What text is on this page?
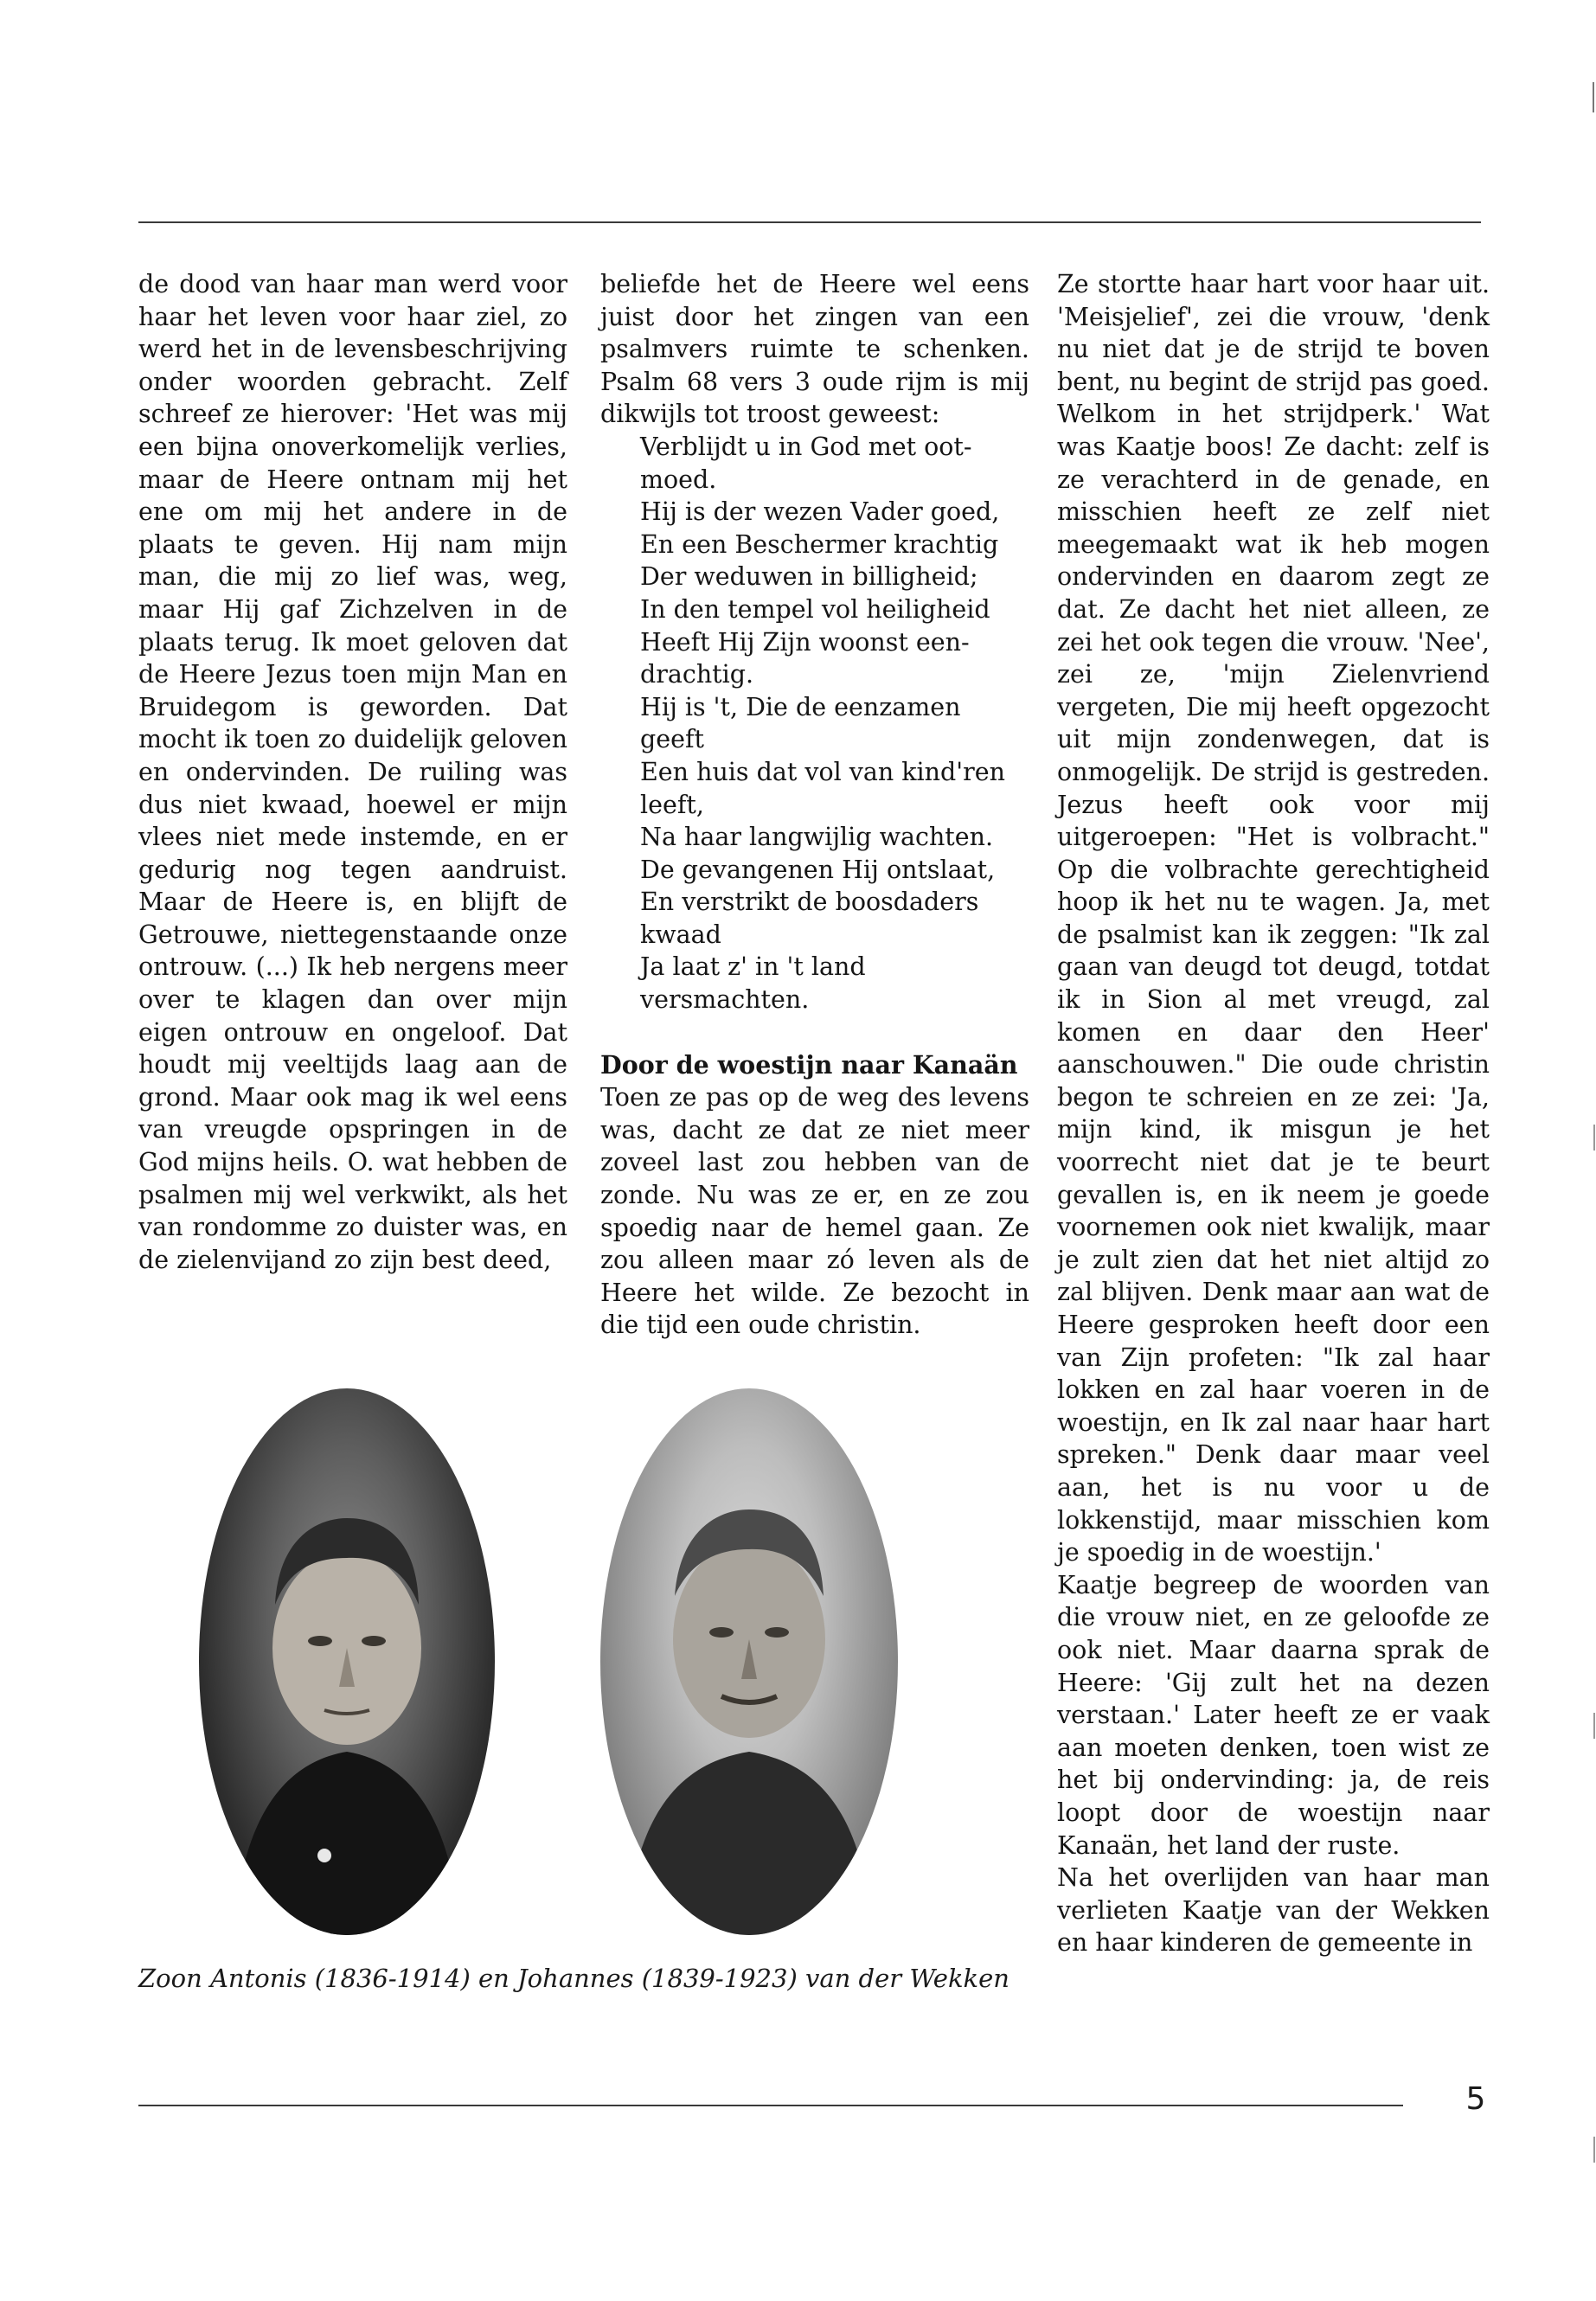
de dood van haar man werd voor haar het leven voor haar ziel, zo werd het in de levensbeschrijving onder woorden gebracht. Zelf schreef ze hierover: 'Het was mij een bijna onoverkomelijk verlies, maar de Heere ontnam mij het ene om mij het andere in de plaats te geven. Hij nam mijn man, die mij zo lief was, weg, maar Hij gaf Zichzelven in de plaats terug. Ik moet geloven dat de Heere Jezus toen mijn Man en Bruidegom is geworden. Dat mocht ik toen zo duidelijk geloven en ondervinden. De ruiling was dus niet kwaad, hoewel er mijn vlees niet mede instemde, en er gedurig nog tegen aandruist. Maar de Heere is, en blijft de Getrouwe, niettegenstaande onze ontrouw. (...) Ik heb nergens meer over te klagen dan over mijn eigen ontrouw en ongeloof. Dat houdt mij veeltijds laag aan de grond. Maar ook mag ik wel eens van vreugde opspringen in de God mijns heils. O. wat hebben de psalmen mij wel verkwikt, als het van rondomme zo duister was, en de zielenvijand zo zijn best deed,

beliefde het de Heere wel eens juist door het zingen van een psalmvers ruimte te schenken. Psalm 68 vers 3 oude rijm is mij dikwijls tot troost geweest:

Verblijdt u in God met oot-
moed.
Hij is der wezen Vader goed,
En een Beschermer krachtig
Der weduwen in billigheid;
In den tempel vol heiligheid
Heeft Hij Zijn woonst een-
drachtig.
Hij is 't, Die de eenzamen
geeft
Een huis dat vol van kind'ren
leeft,
Na haar langwijlig wachten.
De gevangenen Hij ontslaat,
En verstrikt de boosdaders
kwaad
Ja laat z' in 't land versmachten.
Door de woestijn naar Kanaän

Toen ze pas op de weg des levens was, dacht ze dat ze niet meer zoveel last zou hebben van de zonde. Nu was ze er, en ze zou spoedig naar de hemel gaan. Ze zou alleen maar zó leven als de Heere het wilde. Ze bezocht in die tijd een oude christin.

Ze stortte haar hart voor haar uit. 'Meisjelief', zei die vrouw, 'denk nu niet dat je de strijd te boven bent, nu begint de strijd pas goed. Welkom in het strijdperk.' Wat was Kaatje boos! Ze dacht: zelf is ze verachterd in de genade, en misschien heeft ze zelf niet meegemaakt wat ik heb mogen ondervinden en daarom zegt ze dat. Ze dacht het niet alleen, ze zei het ook tegen die vrouw. 'Nee', zei ze, 'mijn Zielenvriend vergeten, Die mij heeft opgezocht uit mijn zondenwegen, dat is onmogelijk. De strijd is gestreden. Jezus heeft ook voor mij uitgeroepen: "Het is volbracht." Op die volbrachte gerechtigheid hoop ik het nu te wagen. Ja, met de psalmist kan ik zeggen: "Ik zal gaan van deugd tot deugd, totdat ik in Sion al met vreugd, zal komen en daar den Heer' aanschouwen." Die oude christin begon te schreien en ze zei: 'Ja, mijn kind, ik misgun je het voorrecht niet dat je te beurt gevallen is, en ik neem je goede voornemen ook niet kwalijk, maar je zult zien dat het niet altijd zo zal blijven. Denk maar aan wat de Heere gesproken heeft door een van Zijn profeten: "Ik zal haar lokken en zal haar voeren in de woestijn, en Ik zal naar haar hart spreken." Denk daar maar veel aan, het is nu voor u de lokkenstijd, maar misschien kom je spoedig in de woestijn.'

Kaatje begreep de woorden van die vrouw niet, en ze geloofde ze ook niet. Maar daarna sprak de Heere: 'Gij zult het na dezen verstaan.' Later heeft ze er vaak aan moeten denken, toen wist ze het bij ondervinding: ja, de reis loopt door de woestijn naar Kanaän, het land der ruste.

Na het overlijden van haar man verlieten Kaatje van der Wekken en haar kinderen de gemeente in

Zoon Antonis (1836-1914) en Johannes (1839-1923) van der Wekken
5
